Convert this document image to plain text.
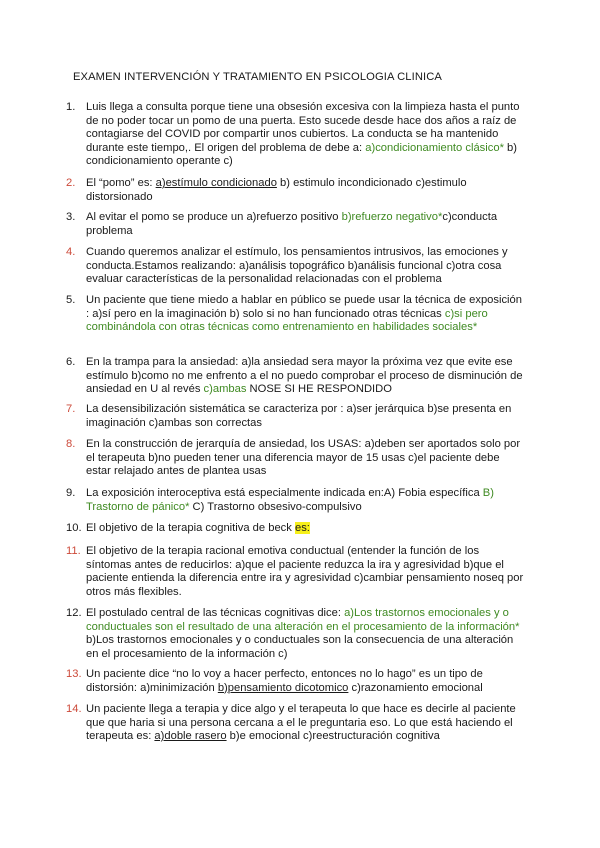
EXAMEN INTERVENCIÓN Y TRATAMIENTO EN PSICOLOGIA CLINICA
1. Luis llega a consulta porque tiene una obsesión excesiva con la limpieza hasta el punto de no poder tocar un pomo de una puerta. Esto sucede desde hace dos años a raíz de contagiarse del COVID por compartir unos cubiertos. La conducta se ha mantenido durante este tiempo,. El origen del problema de debe a: a)condicionamiento clásico* b) condicionamiento operante c)
2. El “pomo” es: a)estímulo condicionado b) estimulo incondicionado c)estimulo distorsionado
3. Al evitar el pomo se produce un a)refuerzo positivo b)refuerzo negativo*c)conducta problema
4. Cuando queremos analizar el estímulo, los pensamientos intrusivos, las emociones y conducta.Estamos realizando: a)análisis topográfico b)análisis funcional c)otra cosa evaluar características de la personalidad relacionadas con el problema
5. Un paciente que tiene miedo a hablar en público se puede usar la técnica de exposición : a)sí pero en la imaginación b) solo si no han funcionado otras técnicas c)si pero combinándola con otras técnicas como entrenamiento en habilidades sociales*
6. En la trampa para la ansiedad: a)la ansiedad sera mayor la próxima vez que evite ese estímulo b)como no me enfrento a el no puedo comprobar el proceso de disminución de ansiedad en U al revés c)ambas NOSE SI HE RESPONDIDO
7. La desensibilización sistemática se caracteriza por : a)ser jerárquica b)se presenta en imaginación c)ambas son correctas
8. En la construcción de jerarquía de ansiedad, los USAS: a)deben ser aportados solo por el terapeuta b)no pueden tener una diferencia mayor de 15 usas c)el paciente debe estar relajado antes de plantea usas
9. La exposición interoceptiva está especialmente indicada en:A) Fobia específica B) Trastorno de pánico* C) Trastorno obsesivo-compulsivo
10. El objetivo de la terapia cognitiva de beck es:
11. El objetivo de la terapia racional emotiva conductual (entender la función de los síntomas antes de reducirlos: a)que el paciente reduzca la ira y agresividad b)que el paciente entienda la diferencia entre ira y agresividad c)cambiar pensamiento noseq por otros más flexibles.
12. El postulado central de las técnicas cognitivas dice: a)Los trastornos emocionales y o conductuales son el resultado de una alteración en el procesamiento de la información* b)Los trastornos emocionales y o conductuales son la consecuencia de una alteración en el procesamiento de la información c)
13. Un paciente dice “no lo voy a hacer perfecto, entonces no lo hago” es un tipo de distorsión: a)minimización b)pensamiento dicotomico c)razonamiento emocional
14. Un paciente llega a terapia y dice algo y el terapeuta lo que hace es decirle al paciente que que haria si una persona cercana a el le preguntaria eso. Lo que está haciendo el terapeuta es: a)doble rasero b)e emocional c)reestructuración cognitiva
